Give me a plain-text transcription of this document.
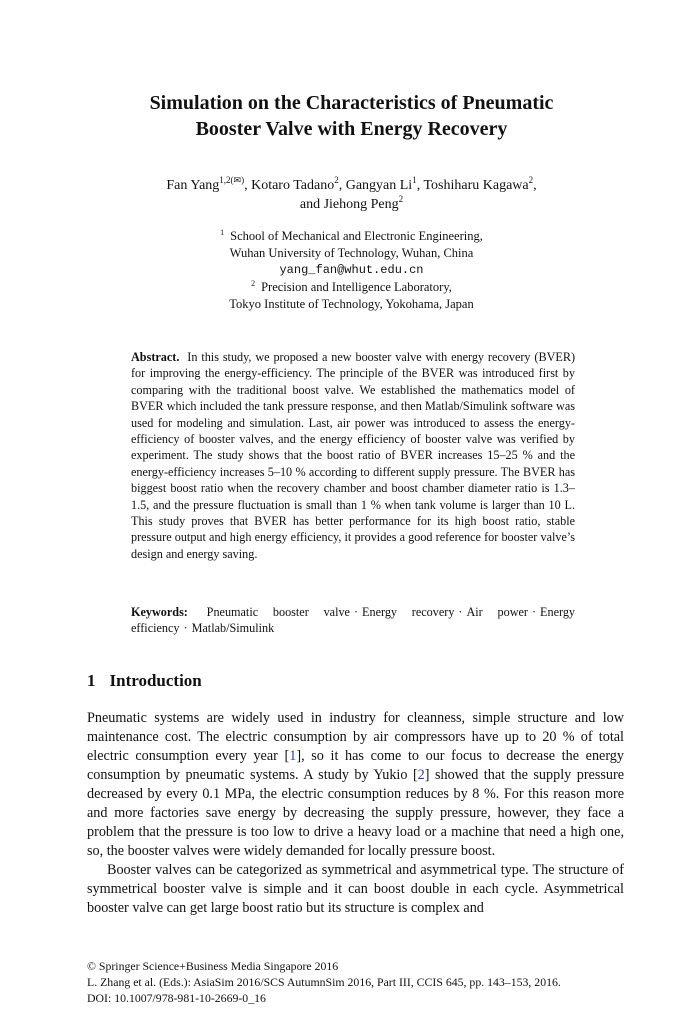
Simulation on the Characteristics of Pneumatic
Booster Valve with Energy Recovery
Fan Yang$^{1,2(✉)}$, Kotaro Tadano$^2$, Gangyan Li$^1$, Toshiharu Kagawa$^2$,
and Jiehong Peng$^2$
$^1$ School of Mechanical and Electronic Engineering,
Wuhan University of Technology, Wuhan, China
yang_fan@whut.edu.cn
$^2$ Precision and Intelligence Laboratory,
Tokyo Institute of Technology, Yokohama, Japan
Abstract. In this study, we proposed a new booster valve with energy recovery (BVER) for improving the energy-efficiency. The principle of the BVER was introduced first by comparing with the traditional boost valve. We established the mathematics model of BVER which included the tank pressure response, and then Matlab/Simulink software was used for modeling and simulation. Last, air power was introduced to assess the energy-efficiency of booster valves, and the energy efficiency of booster valve was verified by experiment. The study shows that the boost ratio of BVER increases 15–25 % and the energy-efficiency increases 5–10 % according to different supply pressure. The BVER has biggest boost ratio when the recovery chamber and boost chamber diameter ratio is 1.3–1.5, and the pressure fluctuation is small than 1 % when tank volume is larger than 10 L. This study proves that BVER has better performance for its high boost ratio, stable pressure output and high energy efficiency, it provides a good reference for booster valve’s design and energy saving.
Keywords: Pneumatic booster valve · Energy recovery · Air power · Energy efficiency · Matlab/Simulink
1 Introduction

Pneumatic systems are widely used in industry for cleanness, simple structure and low maintenance cost. The electric consumption by air compressors have up to 20 % of total electric consumption every year [1], so it has come to our focus to decrease the energy consumption by pneumatic systems. A study by Yukio [2] showed that the supply pressure decreased by every 0.1 MPa, the electric consumption reduces by 8 %. For this reason more and more factories save energy by decreasing the supply pressure, however, they face a problem that the pressure is too low to drive a heavy load or a machine that need a high one, so, the booster valves were widely demanded for locally pressure boost.

Booster valves can be categorized as symmetrical and asymmetrical type. The structure of symmetrical booster valve is simple and it can boost double in each cycle. Asymmetrical booster valve can get large boost ratio but its structure is complex and

© Springer Science+Business Media Singapore 2016
L. Zhang et al. (Eds.): AsiaSim 2016/SCS AutumnSim 2016, Part III, CCIS 645, pp. 143–153, 2016.
DOI: 10.1007/978-981-10-2669-0_16
